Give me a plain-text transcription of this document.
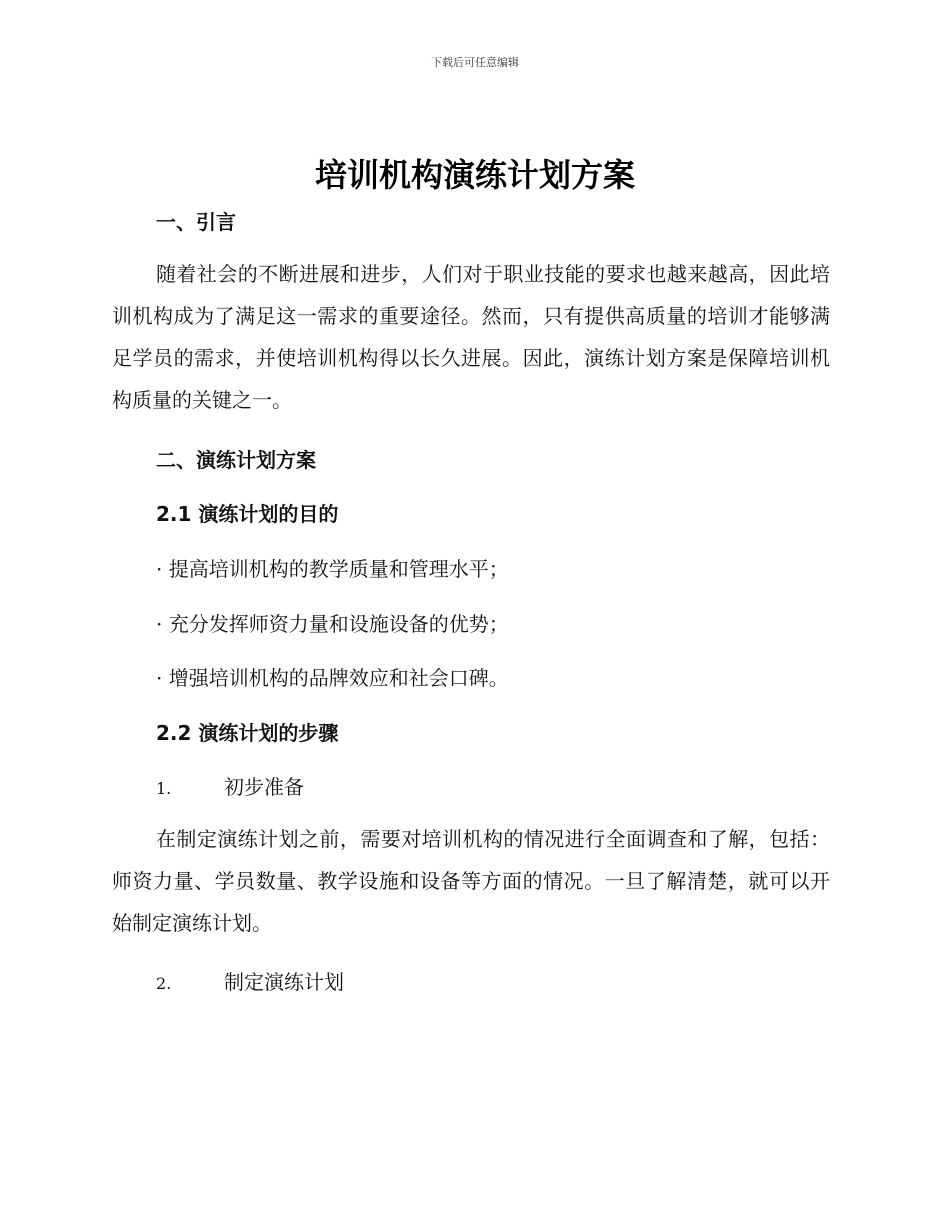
下载后可任意编辑
培训机构演练计划方案
一、引言
随着社会的不断进展和进步，人们对于职业技能的要求也越来越高，因此培训机构成为了满足这一需求的重要途径。然而，只有提供高质量的培训才能够满足学员的需求，并使培训机构得以长久进展。因此，演练计划方案是保障培训机构质量的关键之一。
二、演练计划方案
2.1 演练计划的目的
· 提高培训机构的教学质量和管理水平；
· 充分发挥师资力量和设施设备的优势；
· 增强培训机构的品牌效应和社会口碑。
2.2 演练计划的步骤
1.	初步准备
在制定演练计划之前，需要对培训机构的情况进行全面调查和了解，包括：师资力量、学员数量、教学设施和设备等方面的情况。一旦了解清楚，就可以开始制定演练计划。
2.	制定演练计划
